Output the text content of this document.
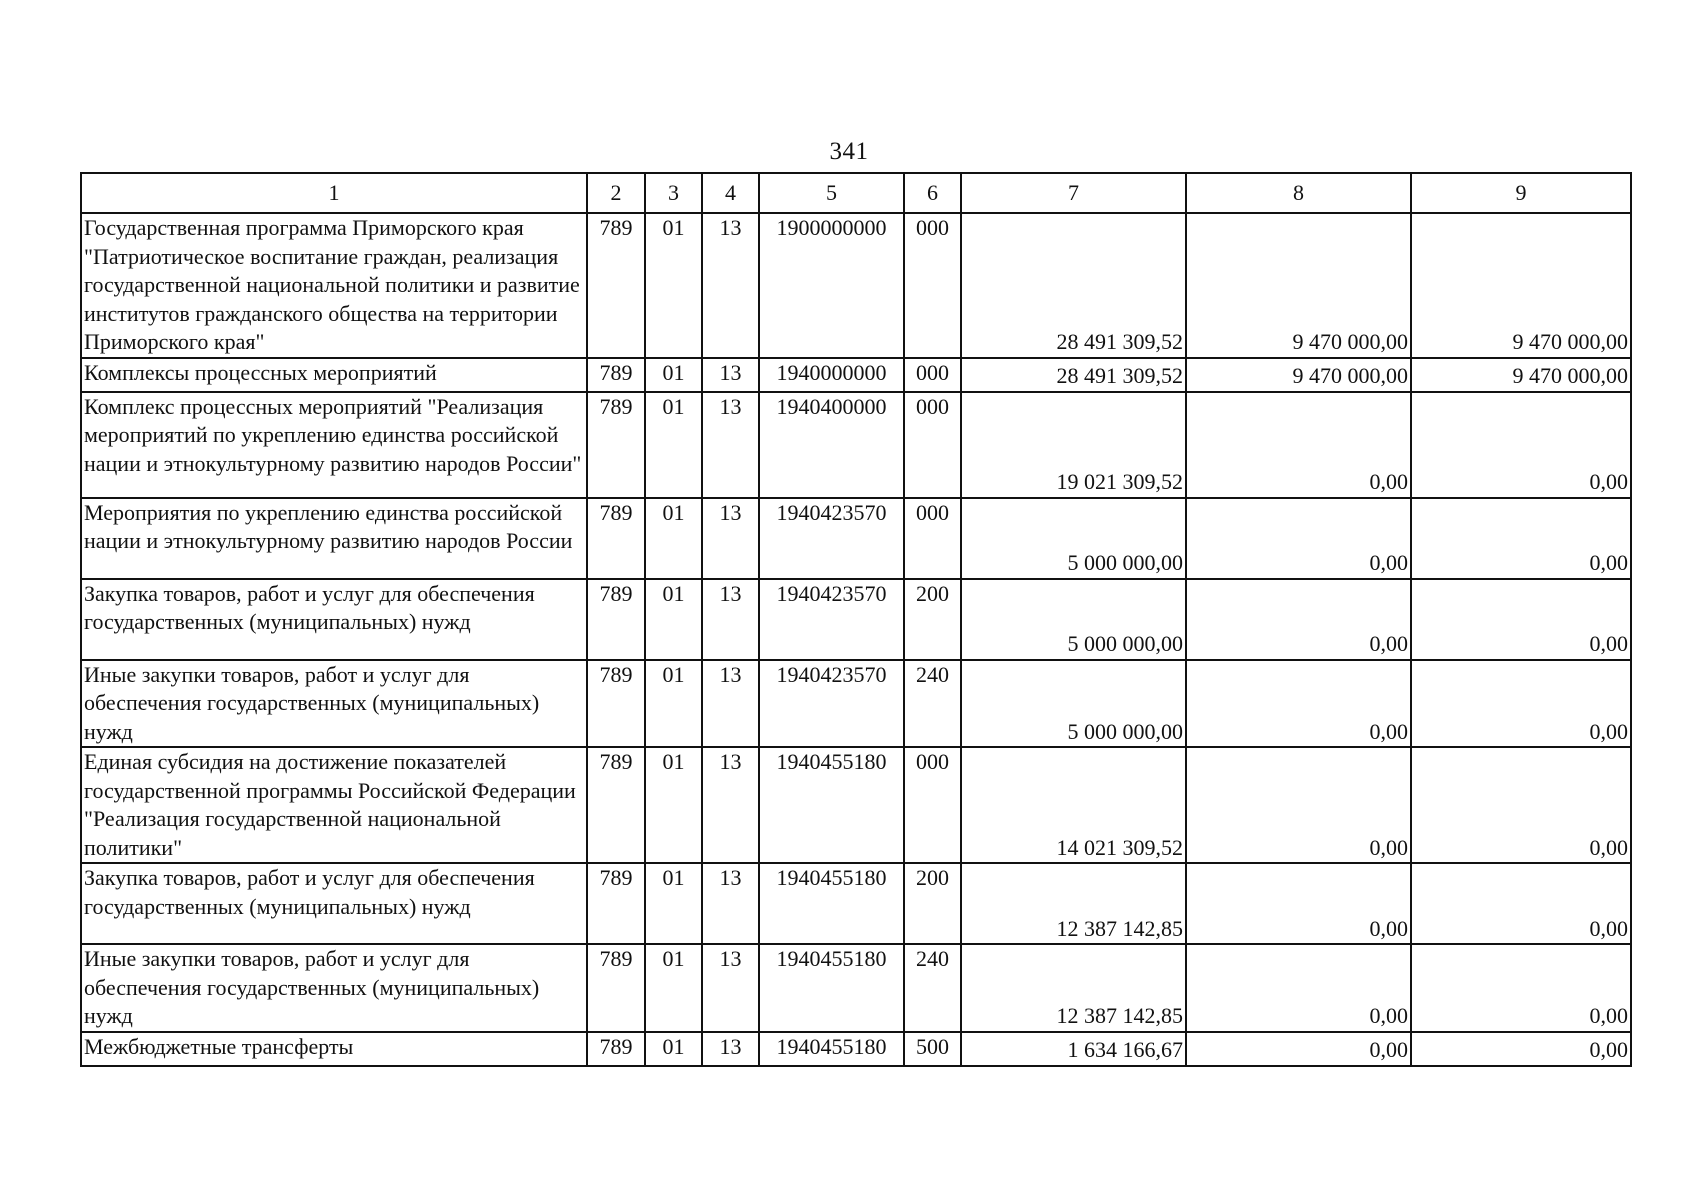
341
1	2	3	4	5	6	7	8	9
Государственная программа Приморского края "Патриотическое воспитание граждан, реализация государственной национальной политики и развитие институтов гражданского общества на территории Приморского края"	789	01	13	1900000000	000	28 491 309,52	9 470 000,00	9 470 000,00
Комплексы процессных мероприятий	789	01	13	1940000000	000	28 491 309,52	9 470 000,00	9 470 000,00
Комплекс процессных мероприятий "Реализация мероприятий по укреплению единства российской нации и этнокультурному развитию народов России"	789	01	13	1940400000	000	19 021 309,52	0,00	0,00
Мероприятия по укреплению единства российской нации и этнокультурному развитию народов России	789	01	13	1940423570	000	5 000 000,00	0,00	0,00
Закупка товаров, работ и услуг для обеспечения государственных (муниципальных) нужд	789	01	13	1940423570	200	5 000 000,00	0,00	0,00
Иные закупки товаров, работ и услуг для обеспечения государственных (муниципальных) нужд	789	01	13	1940423570	240	5 000 000,00	0,00	0,00
Единая субсидия на достижение показателей государственной программы Российской Федерации "Реализация государственной национальной политики"	789	01	13	1940455180	000	14 021 309,52	0,00	0,00
Закупка товаров, работ и услуг для обеспечения государственных (муниципальных) нужд	789	01	13	1940455180	200	12 387 142,85	0,00	0,00
Иные закупки товаров, работ и услуг для обеспечения государственных (муниципальных) нужд	789	01	13	1940455180	240	12 387 142,85	0,00	0,00
Межбюджетные трансферты	789	01	13	1940455180	500	1 634 166,67	0,00	0,00
